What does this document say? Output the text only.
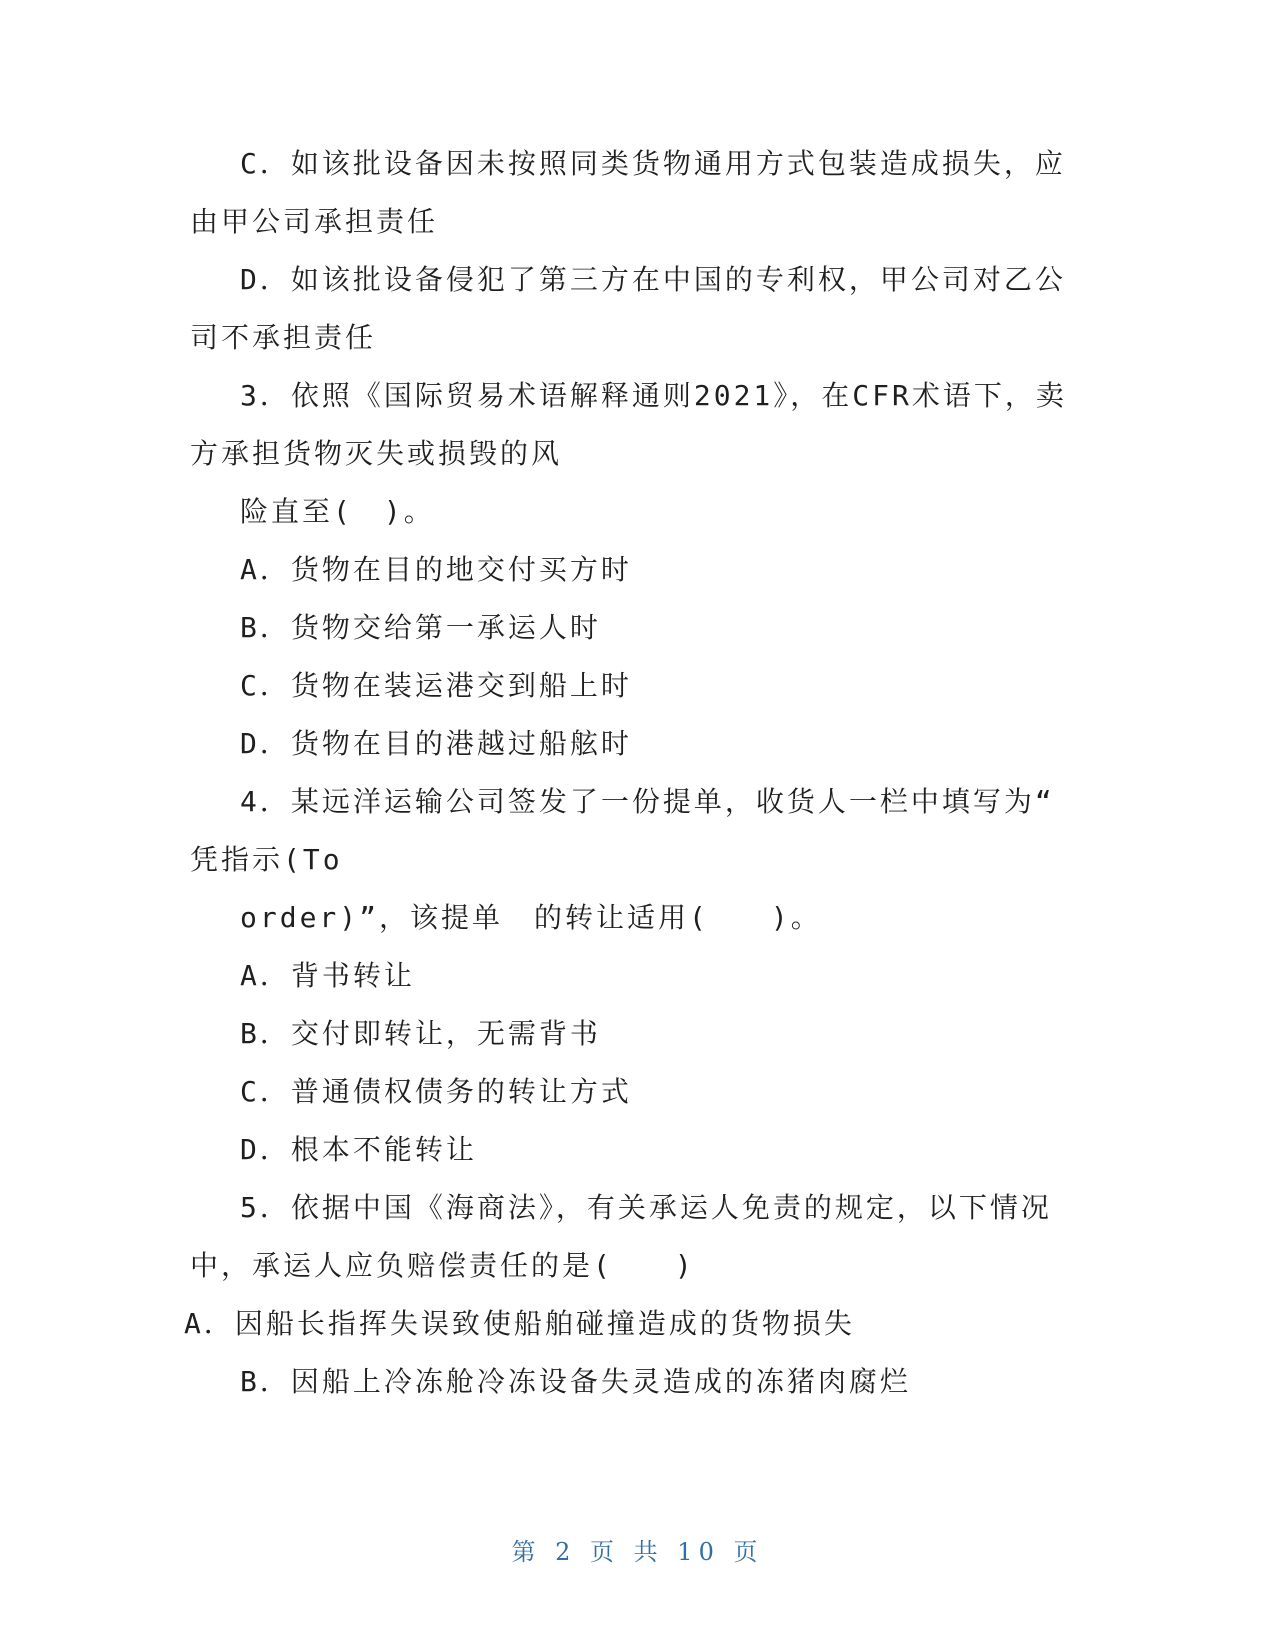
C．如该批设备因未按照同类货物通用方式包装造成损失，应
由甲公司承担责任
D．如该批设备侵犯了第三方在中国的专利权，甲公司对乙公
司不承担责任
3．依照《国际贸易术语解释通则2021》，在CFR术语下，卖
方承担货物灭失或损毁的风
险直至(　)。
A．货物在目的地交付买方时
B．货物交给第一承运人时
C．货物在装运港交到船上时
D．货物在目的港越过船舷时
4．某远洋运输公司签发了一份提单，收货人一栏中填写为“
凭指示(To
order)”，该提单　的转让适用(　　)。
A．背书转让
B．交付即转让，无需背书
C．普通债权债务的转让方式
D．根本不能转让
5．依据中国《海商法》，有关承运人免责的规定，以下情况
中，承运人应负赔偿责任的是(　　)
A．因船长指挥失误致使船舶碰撞造成的货物损失
B．因船上冷冻舱冷冻设备失灵造成的冻猪肉腐烂
第 2 页 共 10 页
